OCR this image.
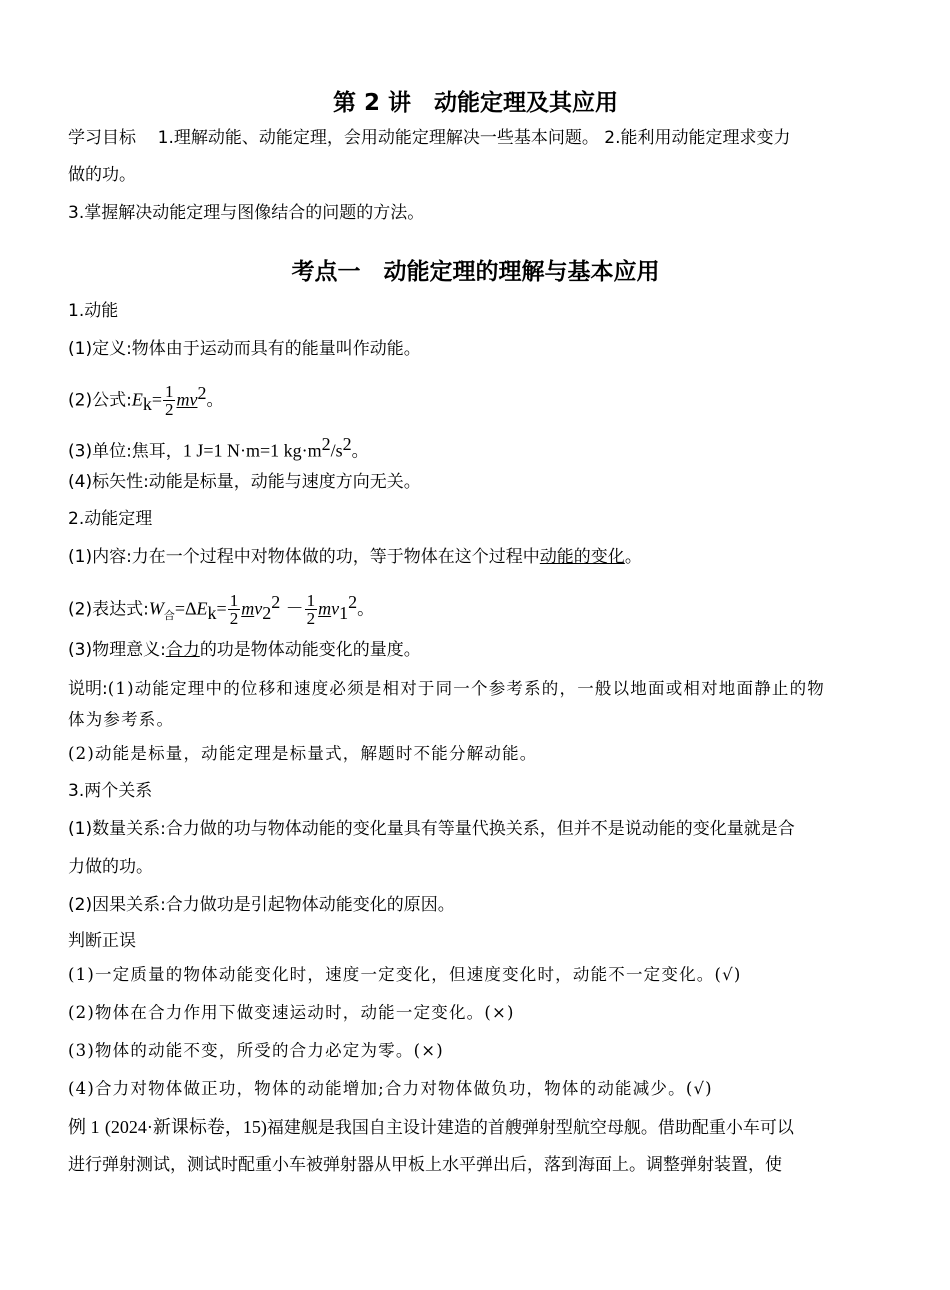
第 2 讲　动能定理及其应用
学习目标 1.理解动能、动能定理，会用动能定理解决一些基本问题。 2.能利用动能定理求变力
做的功。
3.掌握解决动能定理与图像结合的问题的方法。
考点一　动能定理的理解与基本应用
1.动能
(1)定义:物体由于运动而具有的能量叫作动能。
(2)公式$:E_k= \frac{1}{2} mv^2$。
(3)单位:焦耳，1 J=1 N·m=1 $kg\cdot m^2/s^2$。
(4)标矢性:动能是标量，动能与速度方向无关。
2.动能定理
(1)内容:力在一个过程中对物体做的功，等于物体在这个过程中动能的变化。
(2)表达式$:W_合=\Delta E_k= \frac{1}{2} mv_2^2 - \frac{1}{2} mv_1^2$。
(3)物理意义:合力的功是物体动能变化的量度。
说明:(1)动能定理中的位移和速度必须是相对于同一个参考系的，一般以地面或相对地面静止的物
体为参考系。
(2)动能是标量，动能定理是标量式，解题时不能分解动能。
3.两个关系
(1)数量关系:合力做的功与物体动能的变化量具有等量代换关系，但并不是说动能的变化量就是合
力做的功。
(2)因果关系:合力做功是引起物体动能变化的原因。
判断正误
(1)一定质量的物体动能变化时，速度一定变化，但速度变化时，动能不一定变化。(√)
(2)物体在合力作用下做变速运动时，动能一定变化。(×)
(3)物体的动能不变，所受的合力必定为零。(×)
(4)合力对物体做正功，物体的动能增加;合力对物体做负功，物体的动能减少。(√)
例 1 (2024·新课标卷，15)福建舰是我国自主设计建造的首艘弹射型航空母舰。借助配重小车可以
进行弹射测试，测试时配重小车被弹射器从甲板上水平弹出后，落到海面上。调整弹射装置，使
